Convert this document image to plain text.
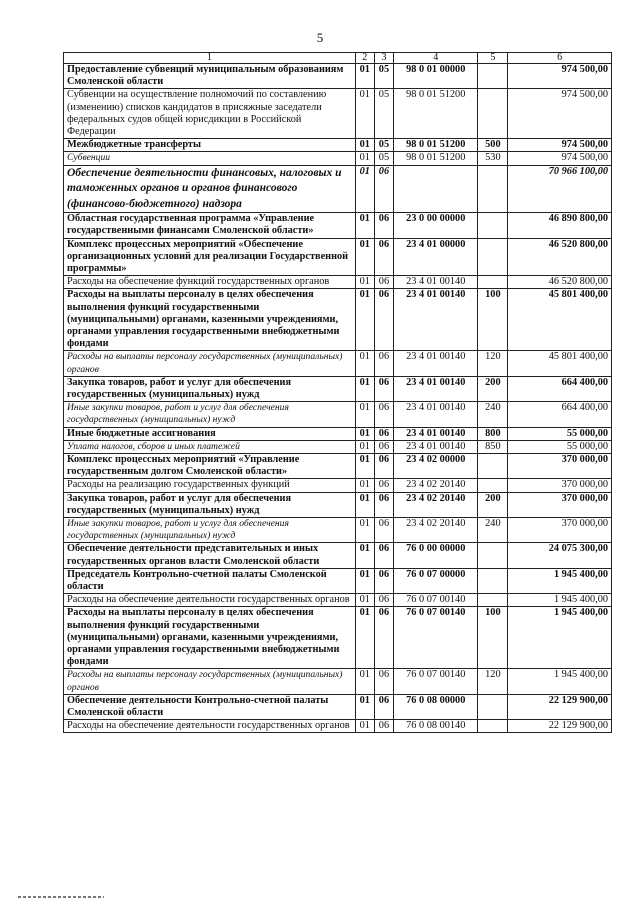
5
1	2	3	4	5	6
Предоставление субвенций муниципальным образованиям Смоленской области	01	05	98 0 01 00000		974 500,00
Субвенции на осуществление полномочий по составлению (изменению) списков кандидатов в присяжные заседатели федеральных судов общей юрисдикции в Российской Федерации	01	05	98 0 01 51200		974 500,00
Межбюджетные трансферты	01	05	98 0 01 51200	500	974 500,00
Субвенции	01	05	98 0 01 51200	530	974 500,00
Обеспечение деятельности финансовых, налоговых и таможенных органов и органов финансового (финансово-бюджетного) надзора	01	06			70 966 100,00
Областная государственная программа «Управление государственными финансами Смоленской области»	01	06	23 0 00 00000		46 890 800,00
Комплекс процессных мероприятий «Обеспечение организационных условий для реализации Государственной программы»	01	06	23 4 01 00000		46 520 800,00
Расходы на обеспечение функций государственных органов	01	06	23 4 01 00140		46 520 800,00
Расходы на выплаты персоналу в целях обеспечения выполнения функций государственными (муниципальными) органами, казенными учреждениями, органами управления государственными внебюджетными фондами	01	06	23 4 01 00140	100	45 801 400,00
Расходы на выплаты персоналу государственных (муниципальных) органов	01	06	23 4 01 00140	120	45 801 400,00
Закупка товаров, работ и услуг для обеспечения государственных (муниципальных) нужд	01	06	23 4 01 00140	200	664 400,00
Иные закупки товаров, работ и услуг для обеспечения государственных (муниципальных) нужд	01	06	23 4 01 00140	240	664 400,00
Иные бюджетные ассигнования	01	06	23 4 01 00140	800	55 000,00
Уплата налогов, сборов и иных платежей	01	06	23 4 01 00140	850	55 000,00
Комплекс процессных мероприятий «Управление государственным долгом Смоленской области»	01	06	23 4 02 00000		370 000,00
Расходы на реализацию государственных функций	01	06	23 4 02 20140		370 000,00
Закупка товаров, работ и услуг для обеспечения государственных (муниципальных) нужд	01	06	23 4 02 20140	200	370 000,00
Иные закупки товаров, работ и услуг для обеспечения государственных (муниципальных) нужд	01	06	23 4 02 20140	240	370 000,00
Обеспечение деятельности представительных и иных государственных органов власти Смоленской области	01	06	76 0 00 00000		24 075 300,00
Председатель Контрольно-счетной палаты Смоленской области	01	06	76 0 07 00000		1 945 400,00
Расходы на обеспечение деятельности государственных органов	01	06	76 0 07 00140		1 945 400,00
Расходы на выплаты персоналу в целях обеспечения выполнения функций государственными (муниципальными) органами, казенными учреждениями, органами управления государственными внебюджетными фондами	01	06	76 0 07 00140	100	1 945 400,00
Расходы на выплаты персоналу государственных (муниципальных) органов	01	06	76 0 07 00140	120	1 945 400,00
Обеспечение деятельности Контрольно-счетной палаты Смоленской области	01	06	76 0 08 00000		22 129 900,00
Расходы на обеспечение деятельности государственных органов	01	06	76 0 08 00140		22 129 900,00
